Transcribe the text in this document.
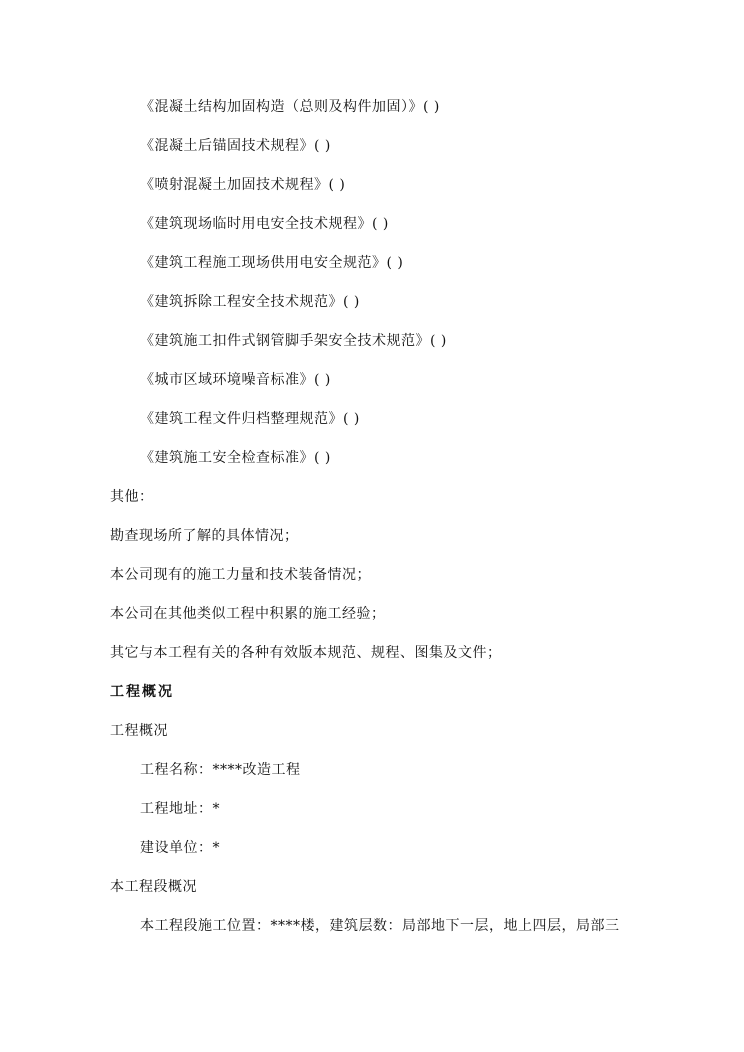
《混凝土结构加固构造（总则及构件加固）》( )
《混凝土后锚固技术规程》( )
《喷射混凝土加固技术规程》( )
《建筑现场临时用电安全技术规程》( )
《建筑工程施工现场供用电安全规范》( )
《建筑拆除工程安全技术规范》( )
《建筑施工扣件式钢管脚手架安全技术规范》( )
《城市区域环境噪音标准》( )
《建筑工程文件归档整理规范》( )
《建筑施工安全检查标准》( )
其他：
勘查现场所了解的具体情况；
本公司现有的施工力量和技术装备情况；
本公司在其他类似工程中积累的施工经验；
其它与本工程有关的各种有效版本规范、规程、图集及文件；
工程概况
工程概况
工程名称：****改造工程
工程地址：*
建设单位：*
本工程段概况
本工程段施工位置：****楼，建筑层数：局部地下一层，地上四层，局部三
